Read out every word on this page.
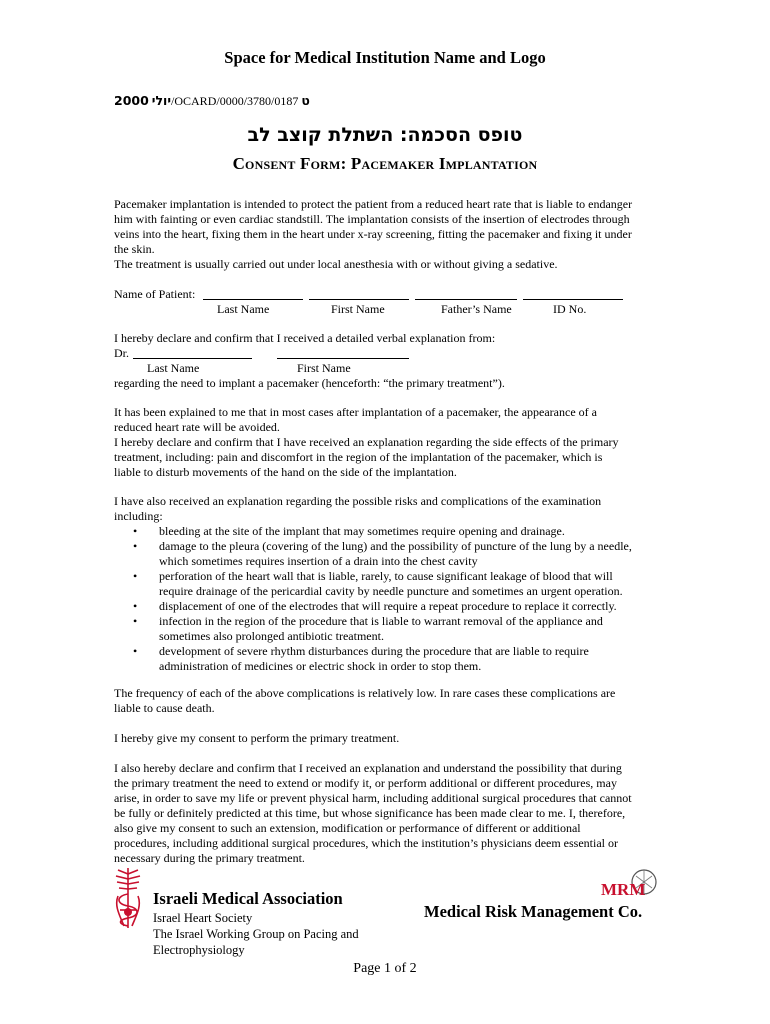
Space for Medical Institution Name and Logo
2000 יולי/OCARD/0000/3780/0187 ט
טופס הסכמה: השתלת קוצב לב
Consent Form: Pacemaker Implantation

Pacemaker implantation is intended to protect the patient from a reduced heart rate that is liable to endanger

him with fainting or even cardiac standstill. The implantation consists of the insertion of electrodes through

veins into the heart, fixing them in the heart under x-ray screening, fitting the pacemaker and fixing it under

the skin.

The treatment is usually carried out under local anesthesia with or without giving a sedative.

Name of Patient:
Last Name	First Name	Father’s Name	ID No.
I hereby declare and confirm that I received a detailed verbal explanation from:
Dr.
Last Name	First Name
regarding the need to implant a pacemaker (henceforth: “the primary treatment”).

It has been explained to me that in most cases after implantation of a pacemaker, the appearance of a

reduced heart rate will be avoided.

I hereby declare and confirm that I have received an explanation regarding the side effects of the primary

treatment, including: pain and discomfort in the region of the implantation of the pacemaker, which is

liable to disturb movements of the hand on the side of the implantation.

I have also received an explanation regarding the possible risks and complications of the examination

including:

• bleeding at the site of the implant that may sometimes require opening and drainage.
• damage to the pleura (covering of the lung) and the possibility of puncture of the lung by a needle,
which sometimes requires insertion of a drain into the chest cavity
• perforation of the heart wall that is liable, rarely, to cause significant leakage of blood that will
require drainage of the pericardial cavity by needle puncture and sometimes an urgent operation.
• displacement of one of the electrodes that will require a repeat procedure to replace it correctly.
• infection in the region of the procedure that is liable to warrant removal of the appliance and
sometimes also prolonged antibiotic treatment.
• development of severe rhythm disturbances during the procedure that are liable to require
administration of medicines or electric shock in order to stop them.

The frequency of each of the above complications is relatively low. In rare cases these complications are

liable to cause death.

I hereby give my consent to perform the primary treatment.

I also hereby declare and confirm that I received an explanation and understand the possibility that during

the primary treatment the need to extend or modify it, or perform additional or different procedures, may

arise, in order to save my life or prevent physical harm, including additional surgical procedures that cannot

be fully or definitely predicted at this time, but whose significance has been made clear to me. I, therefore,

also give my consent to such an extension, modification or performance of different or additional

procedures, including additional surgical procedures, which the institution’s physicians deem essential or

necessary during the primary treatment.

Israeli Medical Association
Israel Heart Society
The Israel Working Group on Pacing and
Electrophysiology
MRM
Medical Risk Management Co.
Page 1 of 2
